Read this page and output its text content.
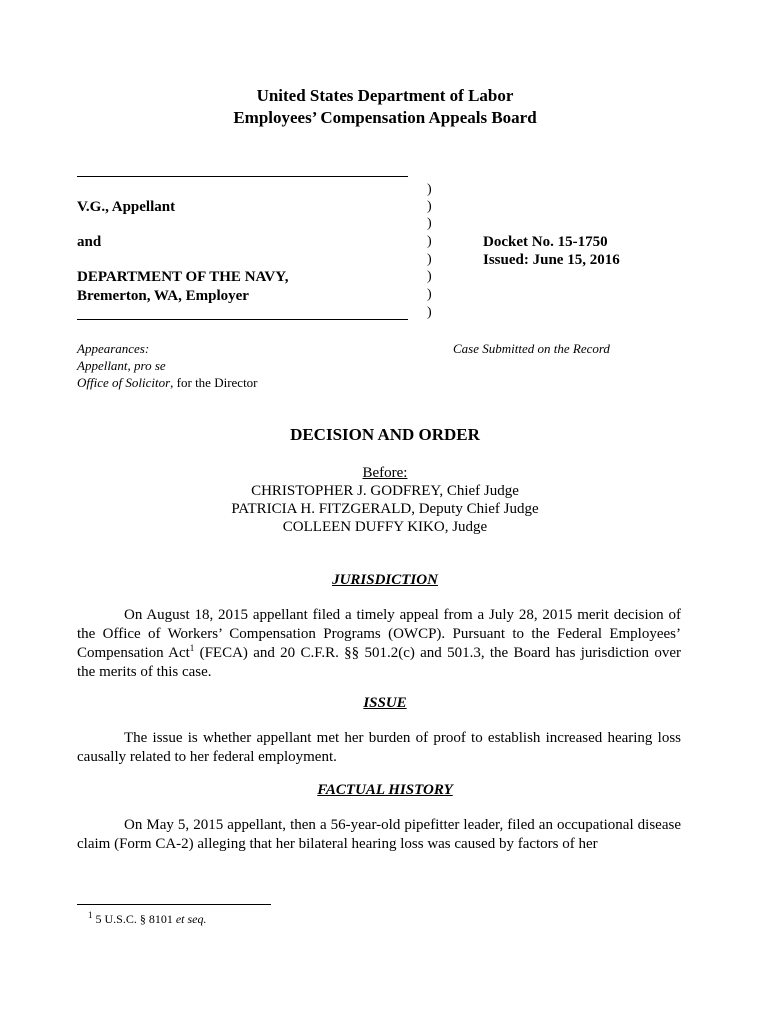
United States Department of Labor
Employees’ Compensation Appeals Board
V.G., Appellant
and
DEPARTMENT OF THE NAVY,
Bremerton, WA, Employer
)
)
)
)
)
)
)
)
Docket No. 15-1750
Issued: June 15, 2016
Case Submitted on the Record
Appearances:
Appellant, pro se
Office of Solicitor, for the Director
DECISION AND ORDER
Before:
CHRISTOPHER J. GODFREY, Chief Judge
PATRICIA H. FITZGERALD, Deputy Chief Judge
COLLEEN DUFFY KIKO, Judge
JURISDICTION
On August 18, 2015 appellant filed a timely appeal from a July 28, 2015 merit decision of the Office of Workers’ Compensation Programs (OWCP). Pursuant to the Federal Employees’ Compensation Act$^1$ (FECA) and 20 C.F.R. §§ 501.2(c) and 501.3, the Board has jurisdiction over the merits of this case.
ISSUE
The issue is whether appellant met her burden of proof to establish increased hearing loss causally related to her federal employment.
FACTUAL HISTORY
On May 5, 2015 appellant, then a 56-year-old pipefitter leader, filed an occupational disease claim (Form CA-2) alleging that her bilateral hearing loss was caused by factors of her
$^1$ 5 U.S.C. § 8101 et seq.
